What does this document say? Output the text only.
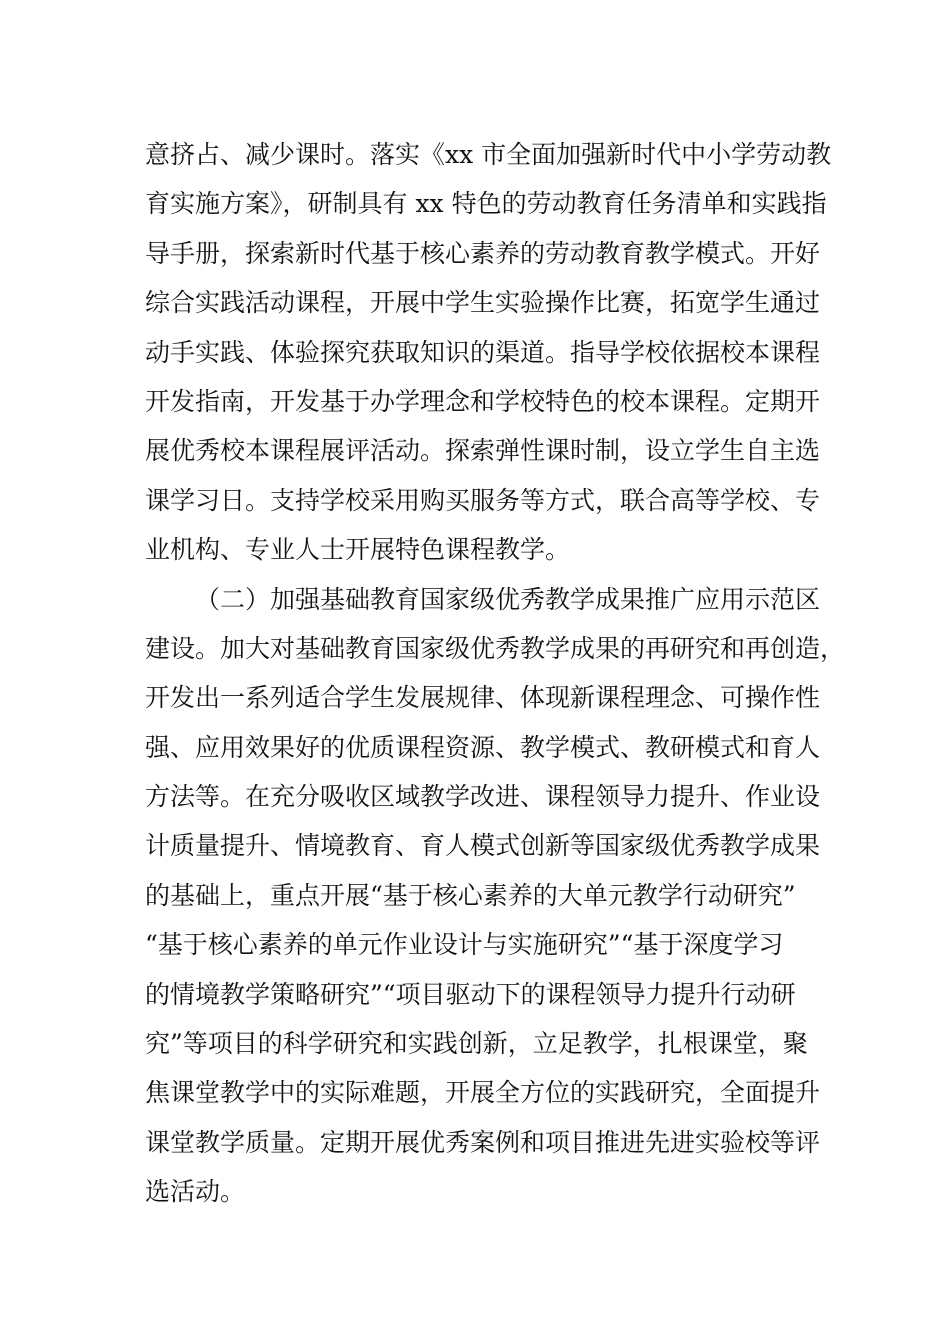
意挤占、减少课时。落实《xx 市全面加强新时代中小学劳动教
育实施方案》，研制具有 xx 特色的劳动教育任务清单和实践指
导手册，探索新时代基于核心素养的劳动教育教学模式。开好
综合实践活动课程，开展中学生实验操作比赛，拓宽学生通过
动手实践、体验探究获取知识的渠道。指导学校依据校本课程
开发指南，开发基于办学理念和学校特色的校本课程。定期开
展优秀校本课程展评活动。探索弹性课时制，设立学生自主选
课学习日。支持学校采用购买服务等方式，联合高等学校、专
业机构、专业人士开展特色课程教学。
（二）加强基础教育国家级优秀教学成果推广应用示范区
建设。加大对基础教育国家级优秀教学成果的再研究和再创造，
开发出一系列适合学生发展规律、体现新课程理念、可操作性
强、应用效果好的优质课程资源、教学模式、教研模式和育人
方法等。在充分吸收区域教学改进、课程领导力提升、作业设
计质量提升、情境教育、育人模式创新等国家级优秀教学成果
的基础上，重点开展“基于核心素养的大单元教学行动研究”
“基于核心素养的单元作业设计与实施研究”“基于深度学习
的情境教学策略研究”“项目驱动下的课程领导力提升行动研
究”等项目的科学研究和实践创新，立足教学，扎根课堂，聚
焦课堂教学中的实际难题，开展全方位的实践研究，全面提升
课堂教学质量。定期开展优秀案例和项目推进先进实验校等评
选活动。
